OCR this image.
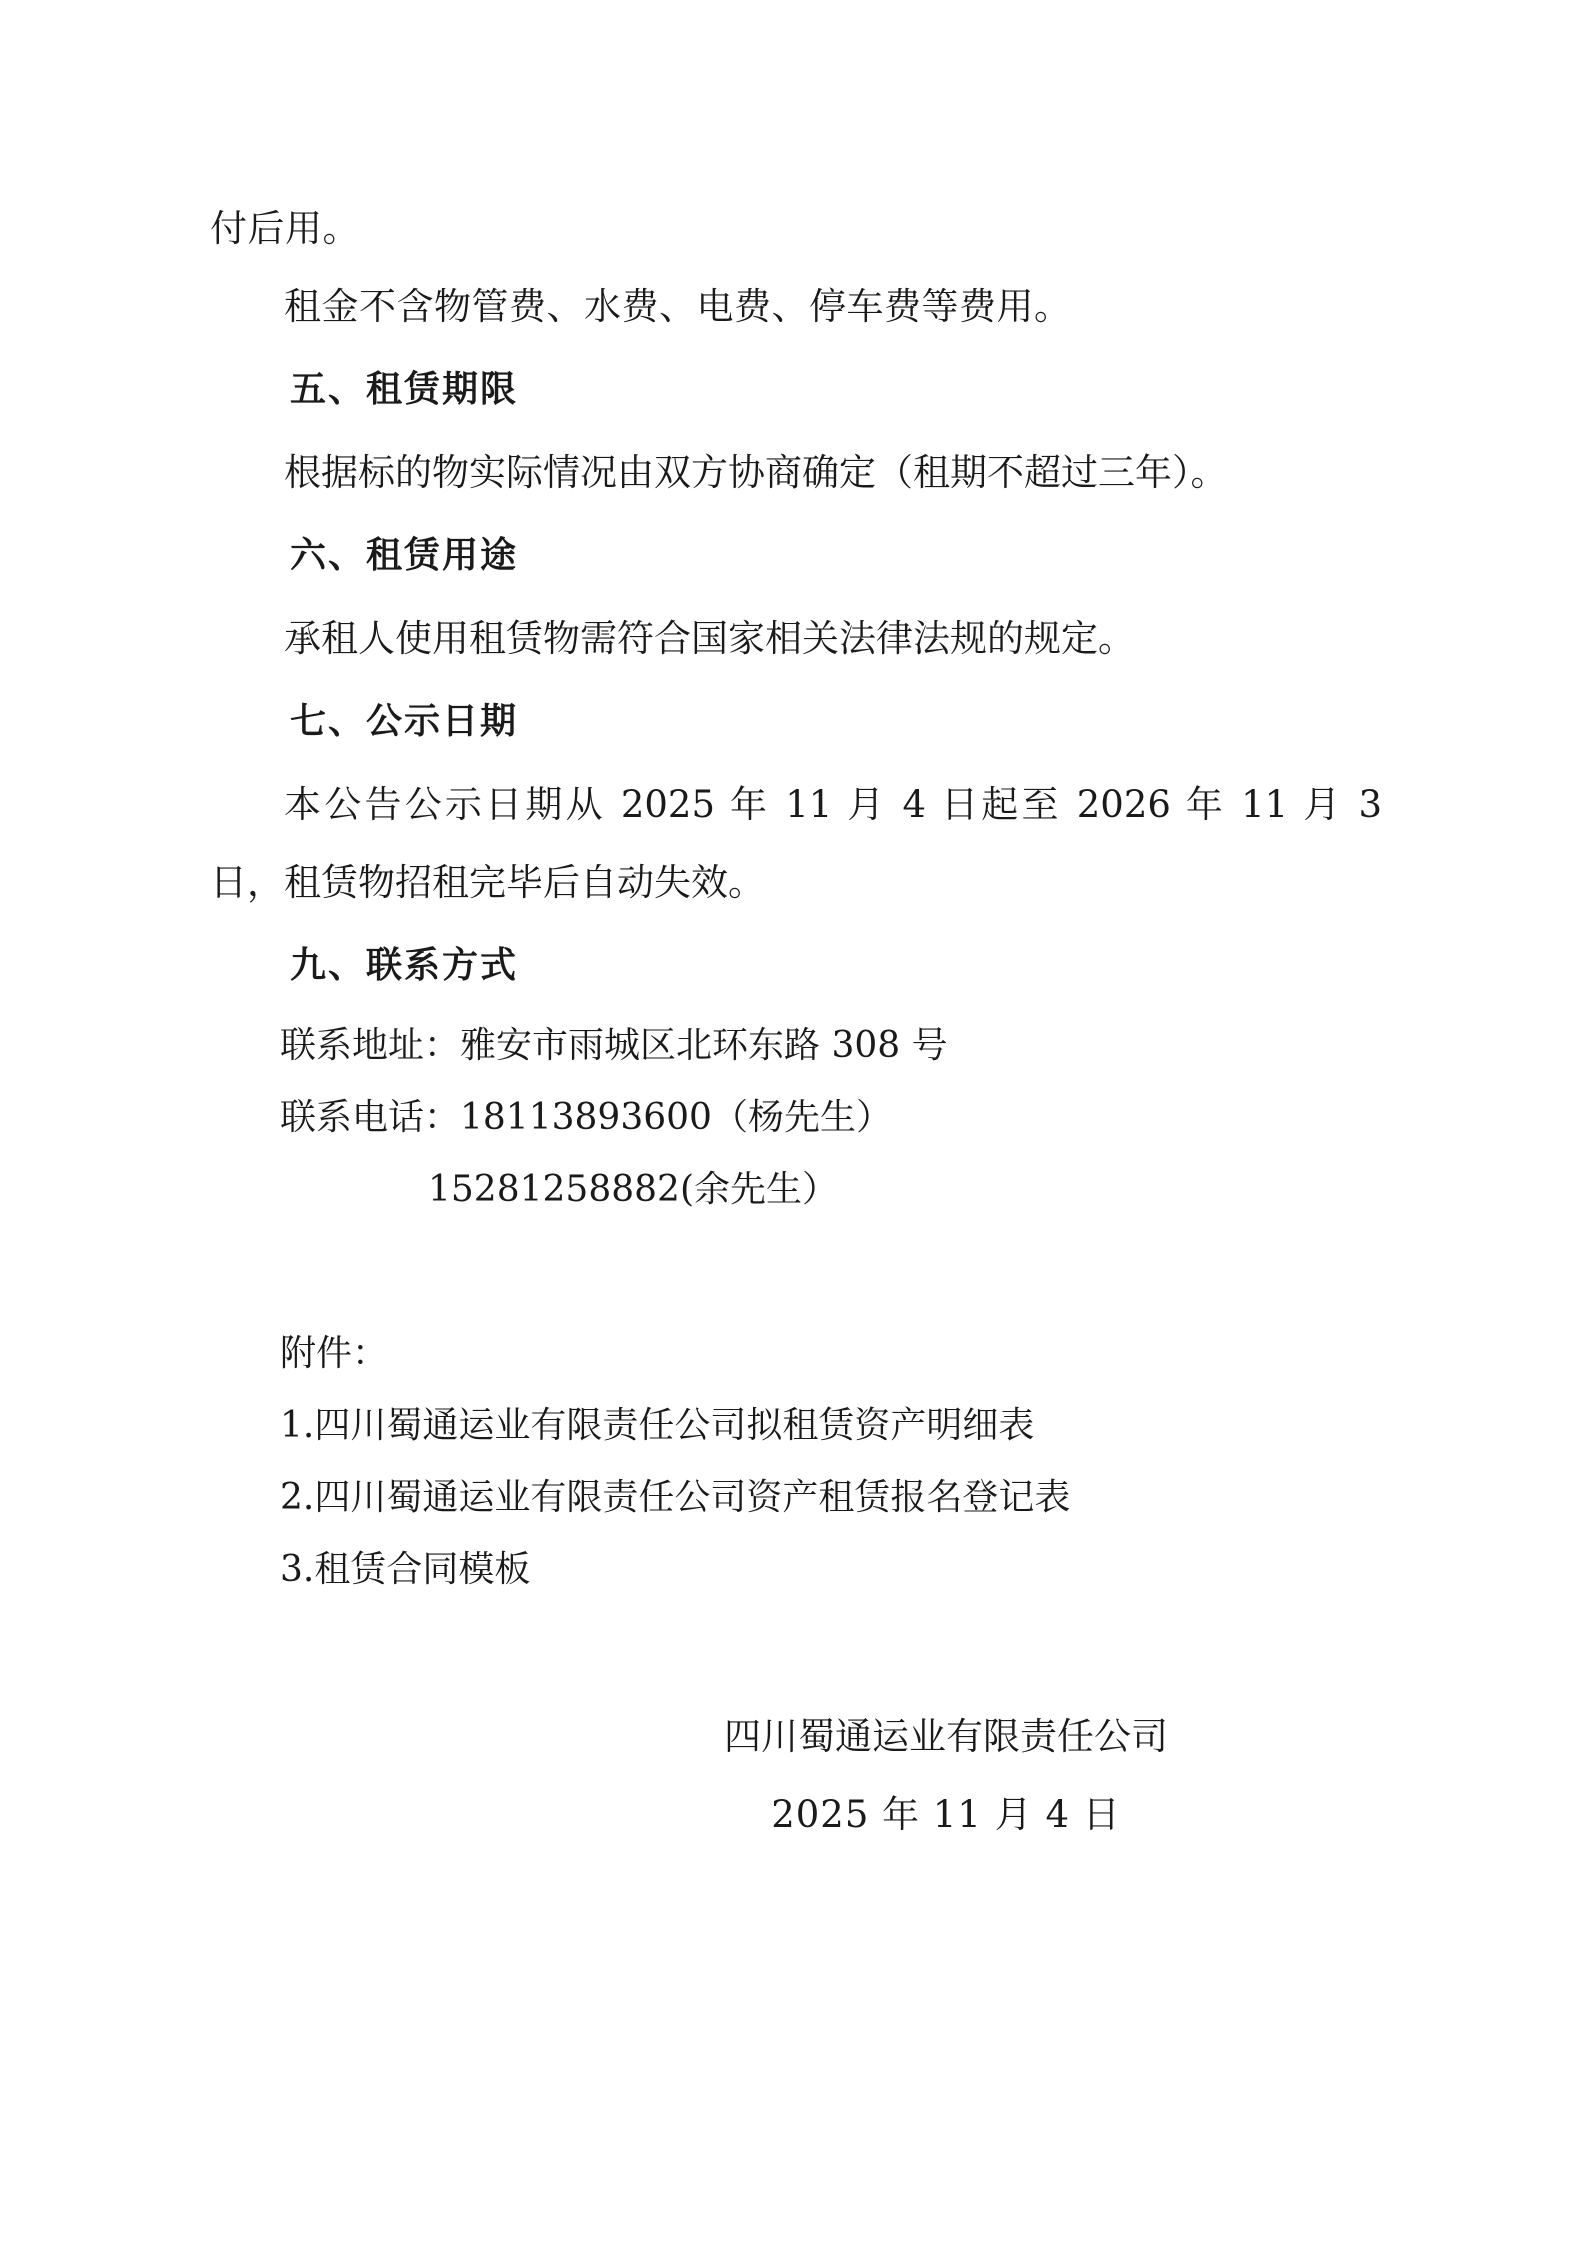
付后用。
租金不含物管费、水费、电费、停车费等费用。
五、租赁期限
根据标的物实际情况由双方协商确定（租期不超过三年）。
六、租赁用途
承租人使用租赁物需符合国家相关法律法规的规定。
七、公示日期
本公告公示日期从 2025 年 11 月 4 日起至 2026 年 11 月 3 日，租赁物招租完毕后自动失效。
九、联系方式
联系地址：雅安市雨城区北环东路 308 号
联系电话：18113893600（杨先生）
15281258882(余先生）
附件：
1.四川蜀通运业有限责任公司拟租赁资产明细表
2.四川蜀通运业有限责任公司资产租赁报名登记表
3.租赁合同模板
四川蜀通运业有限责任公司
2025 年 11 月 4 日
